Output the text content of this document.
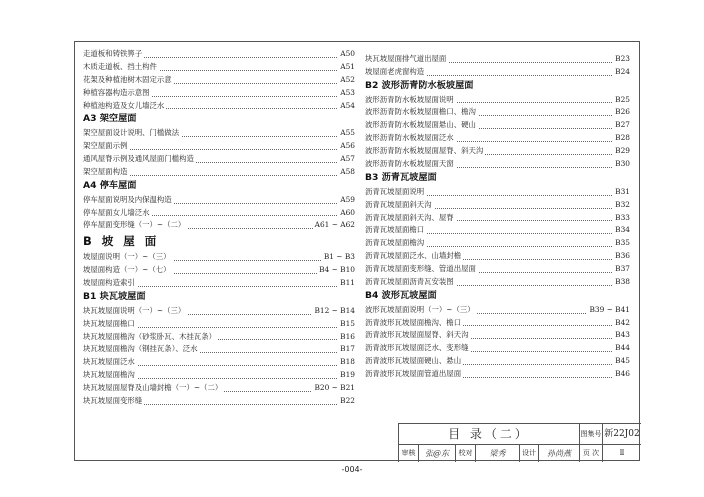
走道板和铸铁箅子	A50
木质走道板、挡土构件	A51
花架及种植池树木固定示意	A52
种植容器构造示意图	A53
种植池构造及女儿墙泛水	A54
A3 架空屋面
架空屋面设计说明、门槛做法	A55
架空屋面示例	A56
通风屋脊示例及通风屋面门槛构造	A57
架空屋面构造	A58
A4 停车屋面
停车屋面说明及内保温构造	A59
停车屋面女儿墙泛水	A60
停车屋面变形缝（一）~（二）	A61 ~ A62
B 坡 屋 面
坡屋面说明（一）~（三）	B1 ~ B3
坡屋面构造（一）~（七）	B4 ~ B10
坡屋面构造索引	B11
B1 块瓦坡屋面
块瓦坡屋面说明（一）~（三）	B12 ~ B14
块瓦坡屋面檐口	B15
块瓦坡屋面檐沟（砂浆卧瓦、木挂瓦条）	B16
块瓦坡屋面檐沟（钢挂瓦条）、泛水	B17
块瓦坡屋面泛水	B18
块瓦坡屋面檐沟	B19
块瓦坡屋面屋脊及山墙封檐（一）~（二）	B20 ~ B21
块瓦坡屋面变形缝	B22
块瓦坡屋面排气道出屋面	B23
坡屋面老虎窗构造	B24
B2 波形沥青防水板坡屋面
波形沥青防水板坡屋面说明	B25
波形沥青防水板坡屋面檐口、檐沟	B26
波形沥青防水板坡屋面悬山、硬山	B27
波形沥青防水板坡屋面泛水	B28
波形沥青防水板坡屋面屋脊、斜天沟	B29
波形沥青防水板坡屋面天窗	B30
B3 沥青瓦坡屋面
沥青瓦坡屋面说明	B31
沥青瓦坡屋面斜天沟	B32
沥青瓦坡屋面斜天沟、屋脊	B33
沥青瓦坡屋面檐口	B34
沥青瓦坡屋面檐沟	B35
沥青瓦坡屋面泛水、山墙封檐	B36
沥青瓦坡屋面变形缝、管道出屋面	B37
沥青瓦坡屋面沥青瓦安装图	B38
B4 波形瓦坡屋面
波形瓦坡屋面说明（一）~（三）	B39 ~ B41
沥青波形瓦坡屋面檐沟、檐口	B42
沥青波形瓦坡屋面屋脊、斜天沟	B43
沥青波形瓦坡屋面泛水、变形缝	B44
沥青波形瓦坡屋面硬山、悬山	B45
沥青波形瓦坡屋面管道出屋面	B46
目 录（二）	图集号 新22J02
审核	张@东	校对	梁秀	设计	孙尚燕	页 次	Ⅱ
-004-
